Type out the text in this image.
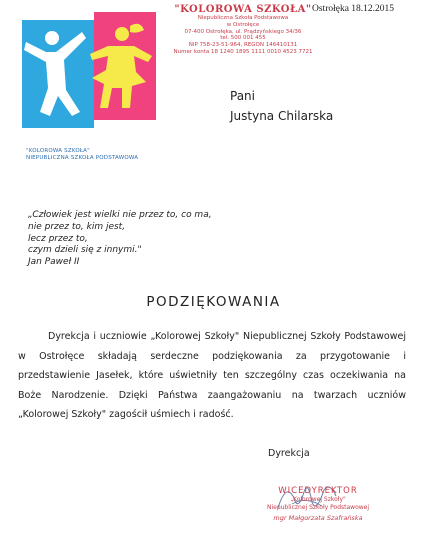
"KOLOROWA SZKOŁA"
NIEPUBLICZNA SZKOŁA PODSTAWOWA
"KOLOROWA SZKOŁA"
Niepubliczna Szkoła Podstawowa
w Ostrołęce
07-400 Ostrołęka, ul. Prądzyńskiego 34/36
tel. 500 001 455
NIP 758-23-51-964, REGON 146410131
Numer konta 18 1240 1895 1111 0010 4523 7721
Ostrołęka 18.12.2015
Pani
Justyna Chilarska
„Człowiek jest wielki nie przez to, co ma,
nie przez to, kim jest,
lecz przez to,
czym dzieli się z innymi."
Jan Paweł II
PODZIĘKOWANIA
Dyrekcja i uczniowie „Kolorowej Szkoły" Niepublicznej Szkoły Podstawowej w Ostrołęce składają serdeczne podziękowania za przygotowanie i przedstawienie Jasełek, które uświetniły ten szczególny czas oczekiwania na Boże Narodzenie. Dzięki Państwa zaangażowaniu na twarzach uczniów „Kolorowej Szkoły" zagościł uśmiech i radość.
Dyrekcja
WICEDYREKTOR
„Kolorowej Szkoły"
Niepublicznej Szkoły Podstawowej
mgr Małgorzata Szafrańska
